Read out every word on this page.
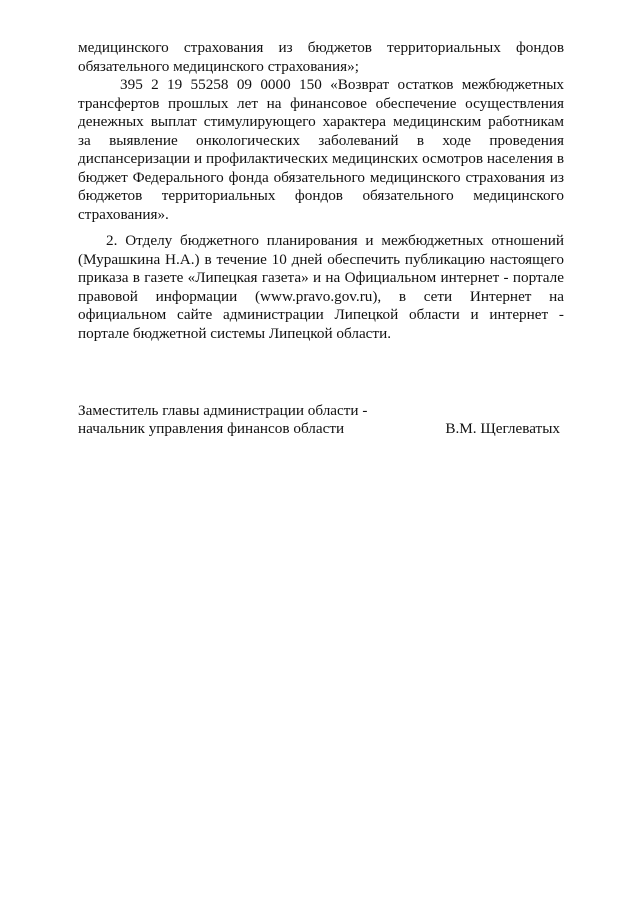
медицинского страхования из бюджетов территориальных фондов обязательного медицинского страхования»;
395 2 19 55258 09 0000 150 «Возврат остатков межбюджетных трансфертов прошлых лет на финансовое обеспечение осуществления денежных выплат стимулирующего характера медицинским работникам за выявление онкологических заболеваний в ходе проведения диспансеризации и профилактических медицинских осмотров населения в бюджет Федерального фонда обязательного медицинского страхования из бюджетов территориальных фондов обязательного медицинского страхования».
2. Отделу бюджетного планирования и межбюджетных отношений (Мурашкина Н.А.) в течение 10 дней обеспечить публикацию настоящего приказа в газете «Липецкая газета» и на Официальном интернет - портале правовой информации (www.pravo.gov.ru), в сети Интернет на официальном сайте администрации Липецкой области и интернет - портале бюджетной системы Липецкой области.
Заместитель главы администрации области -
начальник управления финансов области	В.М. Щеглеватых
